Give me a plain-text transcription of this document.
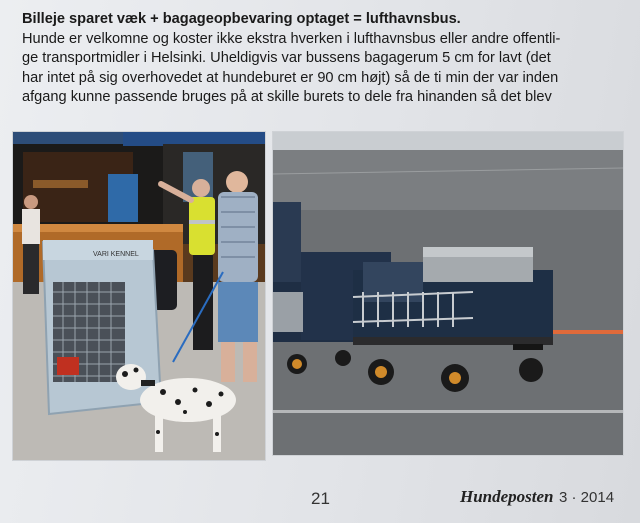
Billeje sparet væk + bagageopbevaring optaget = lufthavnsbus.
Hunde er velkomne og koster ikke ekstra hverken i lufthavnsbus eller andre offentli-
ge transportmidler i Helsinki. Uheldigvis var bussens bagagerum 5 cm for lavt (det
har intet på sig overhovedet at hundeburet er 90 cm højt) så de ti min der var inden
afgang kunne passende bruges på at skille burets to dele fra hinanden så det blev
VARI KENNEL
21	Hundeposten 3 · 2014
